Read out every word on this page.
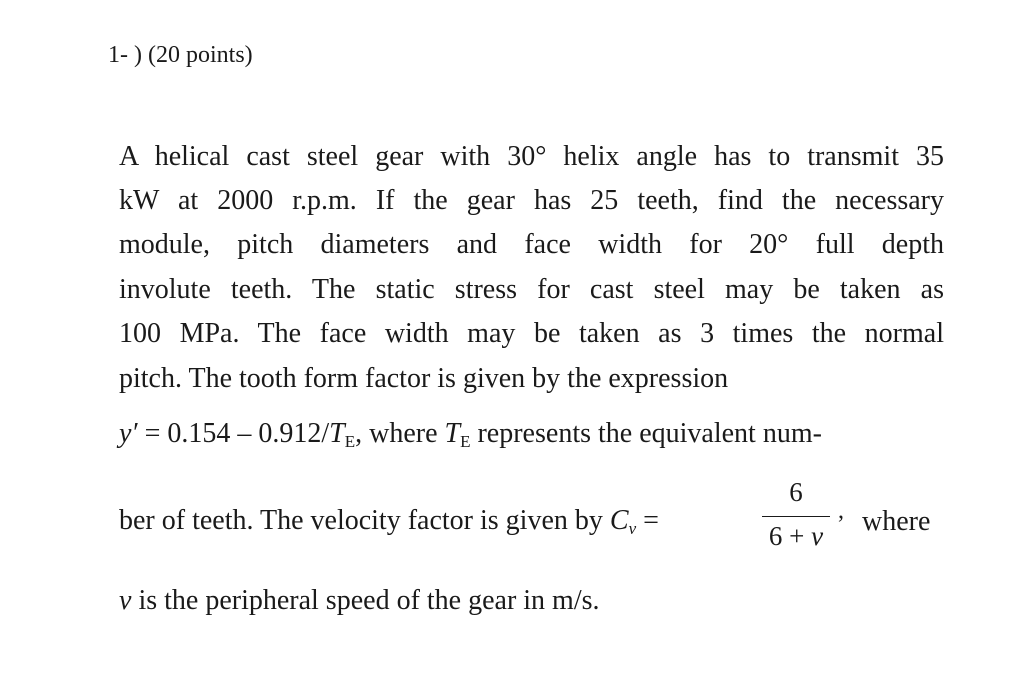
1- ) (20 points)
A helical cast steel gear with 30° helix angle has to transmit 35
kW at 2000 r.p.m. If the gear has 25 teeth, find the necessary
module, pitch diameters and face width for 20° full depth
involute teeth. The static stress for cast steel may be taken as
100 MPa. The face width may be taken as 3 times the normal
pitch. The tooth form factor is given by the expression
$y' = 0.154 - 0.912/T_E$, where $T_E$ represents the equivalent num-
ber of teeth. The velocity factor is given by $C_v$ =
6
6 + v
, where
v is the peripheral speed of the gear in m/s.
